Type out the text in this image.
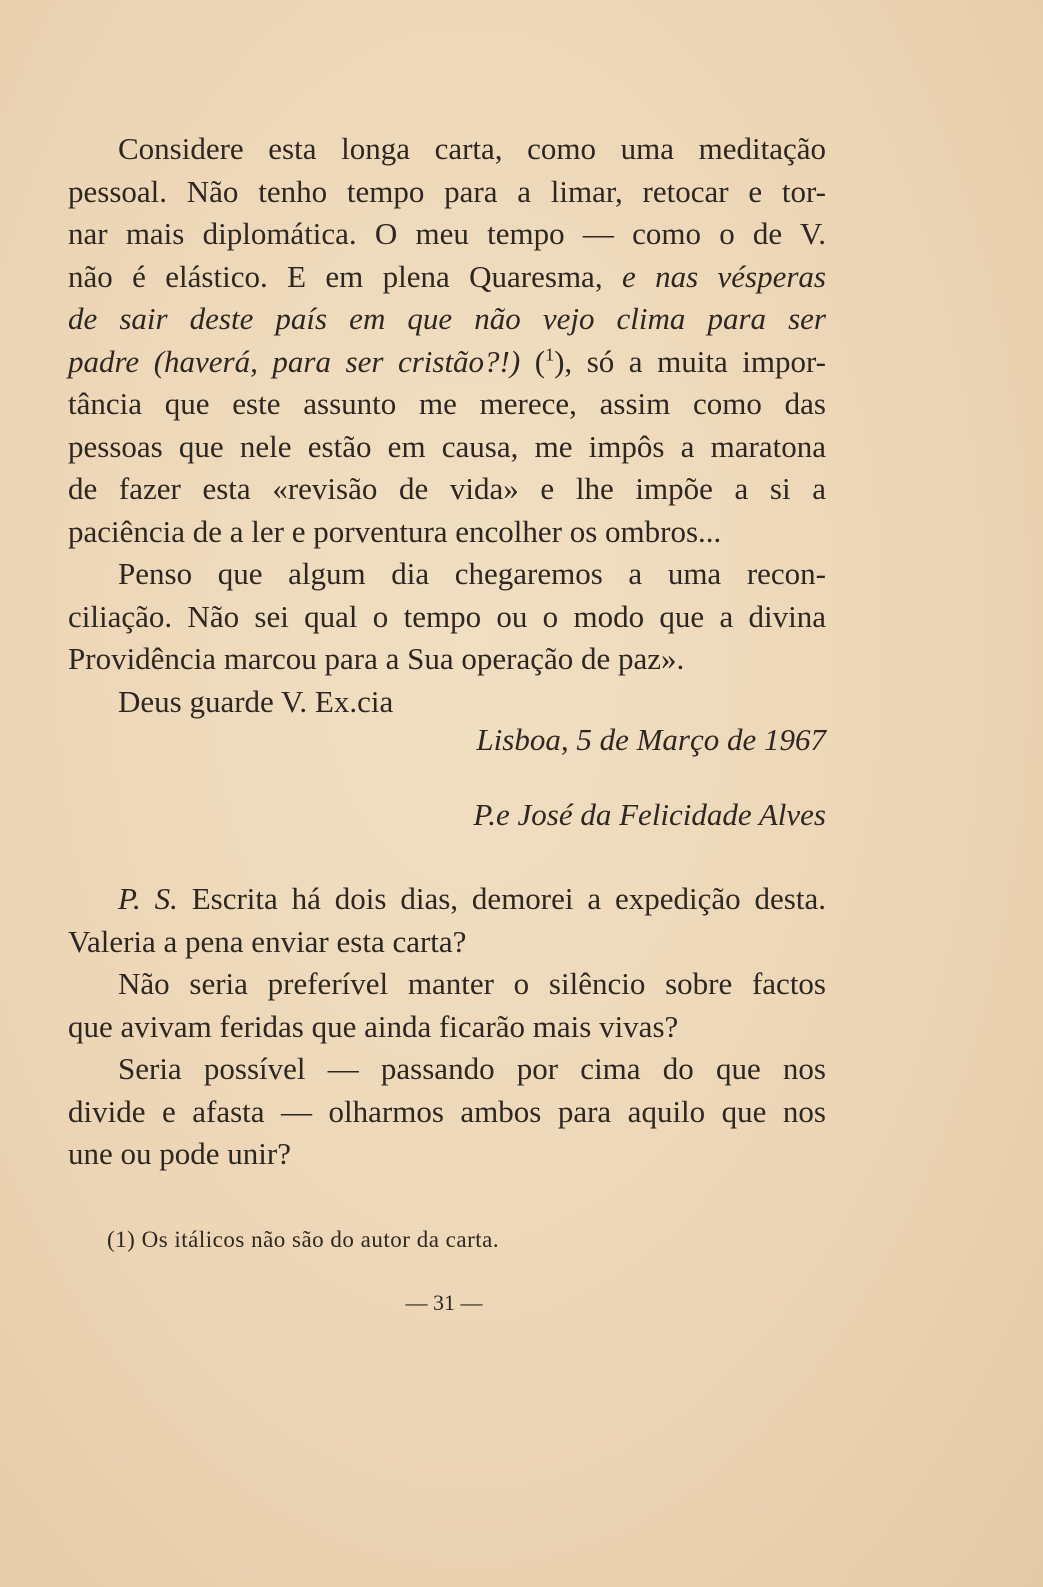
Considere esta longa carta, como uma meditação
pessoal. Não tenho tempo para a limar, retocar e tor-
nar mais diplomática. O meu tempo — como o de V.
não é elástico. E em plena Quaresma, e nas vésperas
de sair deste país em que não vejo clima para ser
padre (haverá, para ser cristão?!) ($^1$), só a muita impor-
tância que este assunto me merece, assim como das
pessoas que nele estão em causa, me impôs a maratona
de fazer esta «revisão de vida» e lhe impõe a si a
paciência de a ler e porventura encolher os ombros...
Penso que algum dia chegaremos a uma recon-
ciliação. Não sei qual o tempo ou o modo que a divina
Providência marcou para a Sua operação de paz».
Deus guarde V. Ex.cia
Lisboa, 5 de Março de 1967
P.e José da Felicidade Alves
P. S. Escrita há dois dias, demorei a expedição desta.
Valeria a pena enviar esta carta?
Não seria preferível manter o silêncio sobre factos
que avivam feridas que ainda ficarão mais vivas?
Seria possível — passando por cima do que nos
divide e afasta — olharmos ambos para aquilo que nos
une ou pode unir?
(1) Os itálicos não são do autor da carta.
— 31 —
